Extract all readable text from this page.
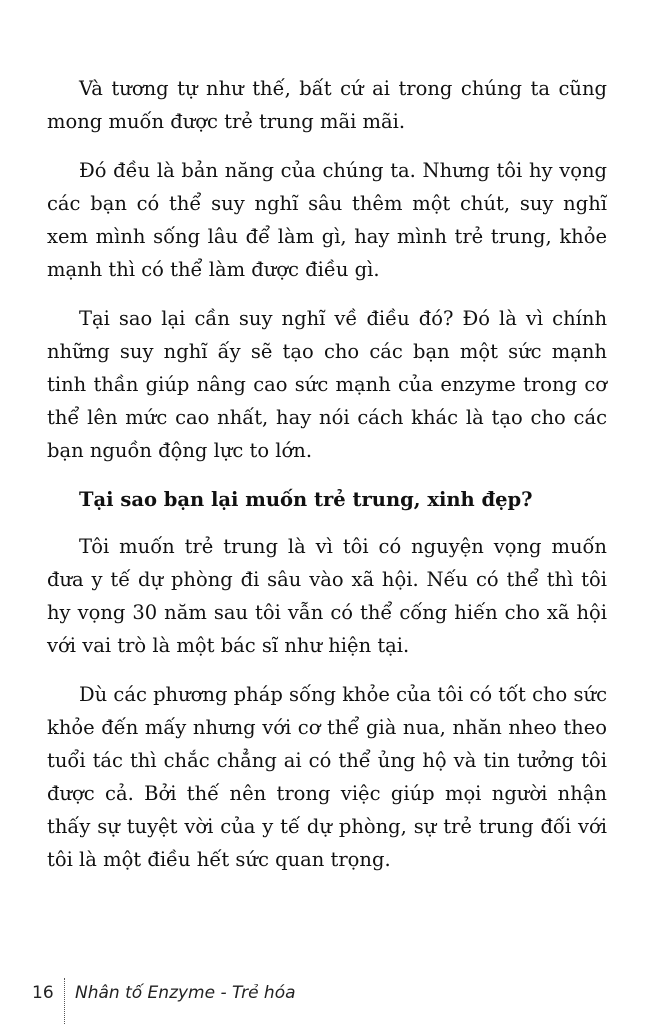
Và tương tự như thế, bất cứ ai trong chúng ta cũng mong muốn được trẻ trung mãi mãi.

Đó đều là bản năng của chúng ta. Nhưng tôi hy vọng các bạn có thể suy nghĩ sâu thêm một chút, suy nghĩ xem mình sống lâu để làm gì, hay mình trẻ trung, khỏe mạnh thì có thể làm được điều gì.

Tại sao lại cần suy nghĩ về điều đó? Đó là vì chính những suy nghĩ ấy sẽ tạo cho các bạn một sức mạnh tinh thần giúp nâng cao sức mạnh của enzyme trong cơ thể lên mức cao nhất, hay nói cách khác là tạo cho các bạn nguồn động lực to lớn.

Tại sao bạn lại muốn trẻ trung, xinh đẹp?

Tôi muốn trẻ trung là vì tôi có nguyện vọng muốn đưa y tế dự phòng đi sâu vào xã hội. Nếu có thể thì tôi hy vọng 30 năm sau tôi vẫn có thể cống hiến cho xã hội với vai trò là một bác sĩ như hiện tại.

Dù các phương pháp sống khỏe của tôi có tốt cho sức khỏe đến mấy nhưng với cơ thể già nua, nhăn nheo theo tuổi tác thì chắc chẳng ai có thể ủng hộ và tin tưởng tôi được cả. Bởi thế nên trong việc giúp mọi người nhận thấy sự tuyệt vời của y tế dự phòng, sự trẻ trung đối với tôi là một điều hết sức quan trọng.

16	Nhân tố Enzyme - Trẻ hóa
